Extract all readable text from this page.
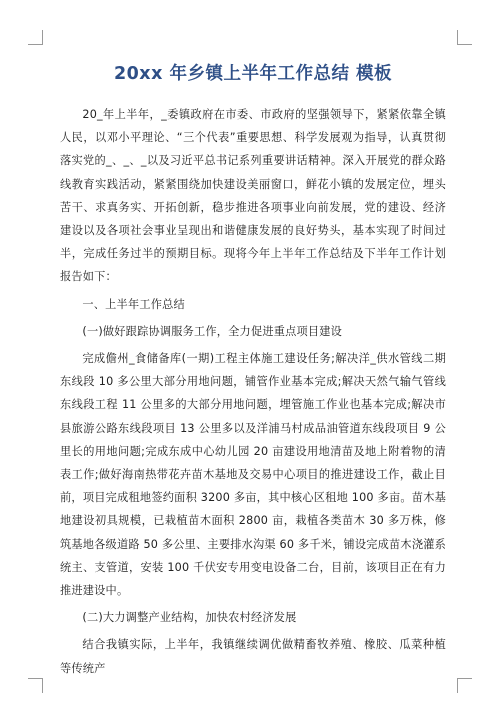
20xx 年乡镇上半年工作总结 模板

20_年上半年，_委镇政府在市委、市政府的坚强领导下，紧紧依靠全镇人民，以邓小平理论、“三个代表”重要思想、科学发展观为指导，认真贯彻落实党的_、_、_以及习近平总书记系列重要讲话精神。深入开展党的群众路线教育实践活动，紧紧围绕加快建设美丽窗口，鲜花小镇的发展定位，埋头苦干、求真务实、开拓创新，稳步推进各项事业向前发展，党的建设、经济建设以及各项社会事业呈现出和谐健康发展的良好势头，基本实现了时间过半，完成任务过半的预期目标。现将今年上半年工作总结及下半年工作计划报告如下：

一、上半年工作总结

(一)做好跟踪协调服务工作，全力促进重点项目建设

完成儋州_食储备库(一期)工程主体施工建设任务;解决洋_供水管线二期东线段 10 多公里大部分用地问题，铺管作业基本完成;解决天然气输气管线东线段工程 11 公里多的大部分用地问题，埋管施工作业也基本完成;解决市县旅游公路东线段项目 13 公里多以及洋浦马村成品油管道东线段项目 9 公里长的用地问题;完成东成中心幼儿园 20 亩建设用地清苗及地上附着物的清表工作;做好海南热带花卉苗木基地及交易中心项目的推进建设工作，截止目前，项目完成租地签约面积 3200 多亩，其中核心区租地 100 多亩。苗木基地建设初具规模，已栽植苗木面积 2800 亩，栽植各类苗木 30 多万株，修筑基地各级道路 50 多公里、主要排水沟渠 60 多千米，铺设完成苗木浇灌系统主、支管道，安装 100 千伏安专用变电设备二台，目前，该项目正在有力推进建设中。

(二)大力调整产业结构，加快农村经济发展

结合我镇实际，上半年，我镇继续调优做精畜牧养殖、橡胶、瓜菜种植等传统产
